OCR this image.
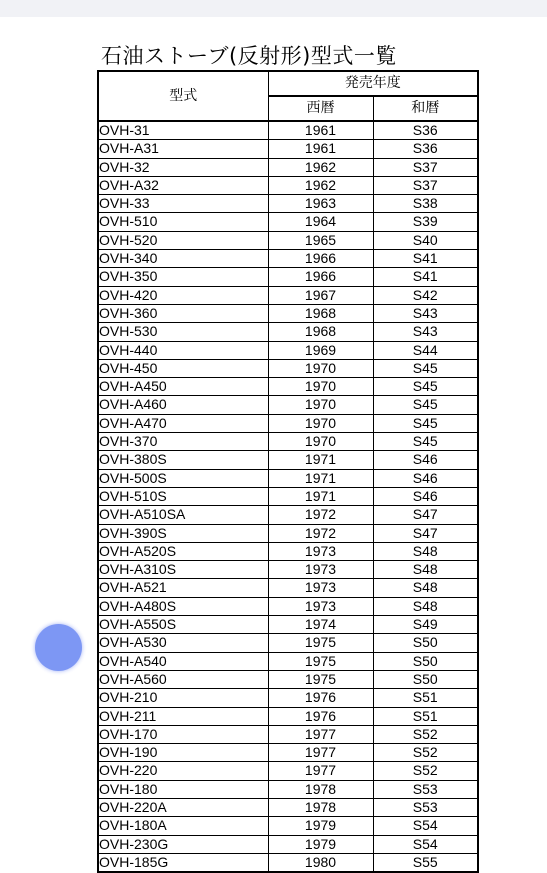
石油ストーブ(反射形)型式一覧
型式	発売年度	
	西暦	和暦
OVH-31	1961	S36
OVH-A31	1961	S36
OVH-32	1962	S37
OVH-A32	1962	S37
OVH-33	1963	S38
OVH-510	1964	S39
OVH-520	1965	S40
OVH-340	1966	S41
OVH-350	1966	S41
OVH-420	1967	S42
OVH-360	1968	S43
OVH-530	1968	S43
OVH-440	1969	S44
OVH-450	1970	S45
OVH-A450	1970	S45
OVH-A460	1970	S45
OVH-A470	1970	S45
OVH-370	1970	S45
OVH-380S	1971	S46
OVH-500S	1971	S46
OVH-510S	1971	S46
OVH-A510SA	1972	S47
OVH-390S	1972	S47
OVH-A520S	1973	S48
OVH-A310S	1973	S48
OVH-A521	1973	S48
OVH-A480S	1973	S48
OVH-A550S	1974	S49
OVH-A530	1975	S50
OVH-A540	1975	S50
OVH-A560	1975	S50
OVH-210	1976	S51
OVH-211	1976	S51
OVH-170	1977	S52
OVH-190	1977	S52
OVH-220	1977	S52
OVH-180	1978	S53
OVH-220A	1978	S53
OVH-180A	1979	S54
OVH-230G	1979	S54
OVH-185G	1980	S55
